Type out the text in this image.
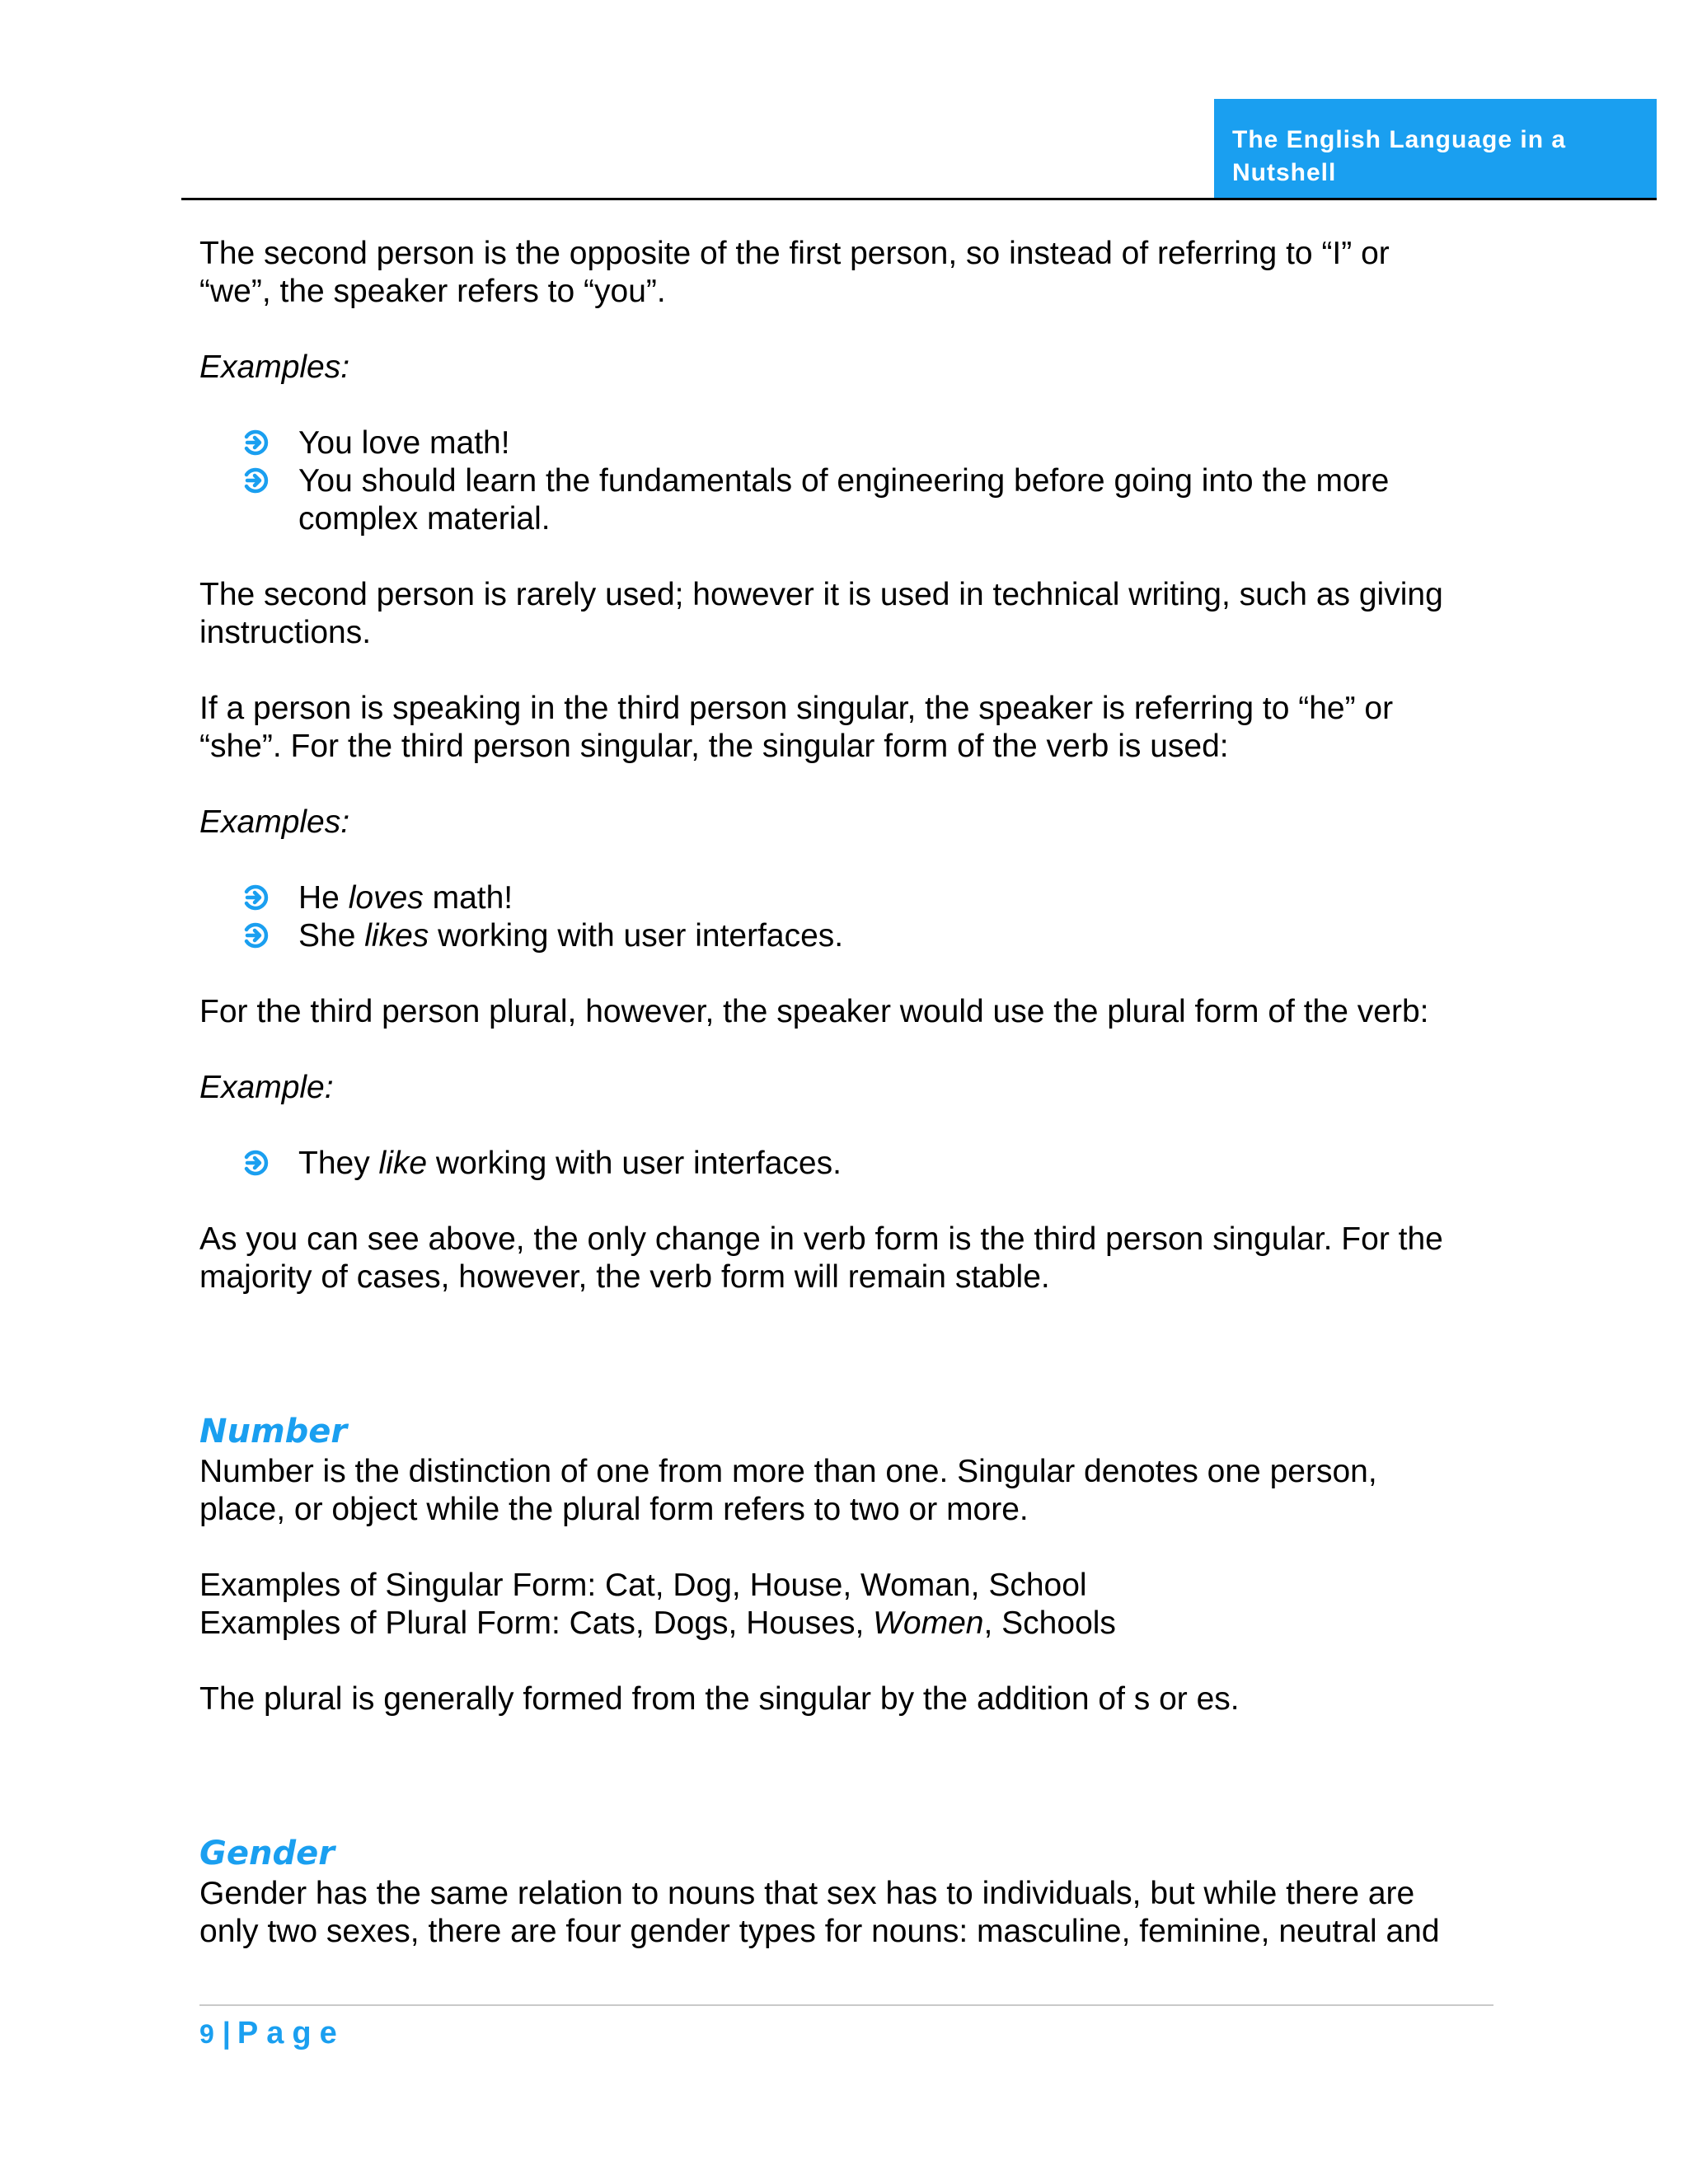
The English Language in a
Nutshell

The second person is the opposite of the first person, so instead of referring to “I” or
“we”, the speaker refers to “you”.

Examples:

You love math!
You should learn the fundamentals of engineering before going into the more
complex material.

The second person is rarely used; however it is used in technical writing, such as giving
instructions.

If a person is speaking in the third person singular, the speaker is referring to “he” or
“she”. For the third person singular, the singular form of the verb is used:

Examples:

He loves math!
She likes working with user interfaces.

For the third person plural, however, the speaker would use the plural form of the verb:

Example:

They like working with user interfaces.

As you can see above, the only change in verb form is the third person singular. For the
majority of cases, however, the verb form will remain stable.

Number

Number is the distinction of one from more than one. Singular denotes one person,
place, or object while the plural form refers to two or more.

Examples of Singular Form: Cat, Dog, House, Woman, School
Examples of Plural Form: Cats, Dogs, Houses, Women, Schools

The plural is generally formed from the singular by the addition of s or es.

Gender

Gender has the same relation to nouns that sex has to individuals, but while there are
only two sexes, there are four gender types for nouns: masculine, feminine, neutral and

9 | Page
